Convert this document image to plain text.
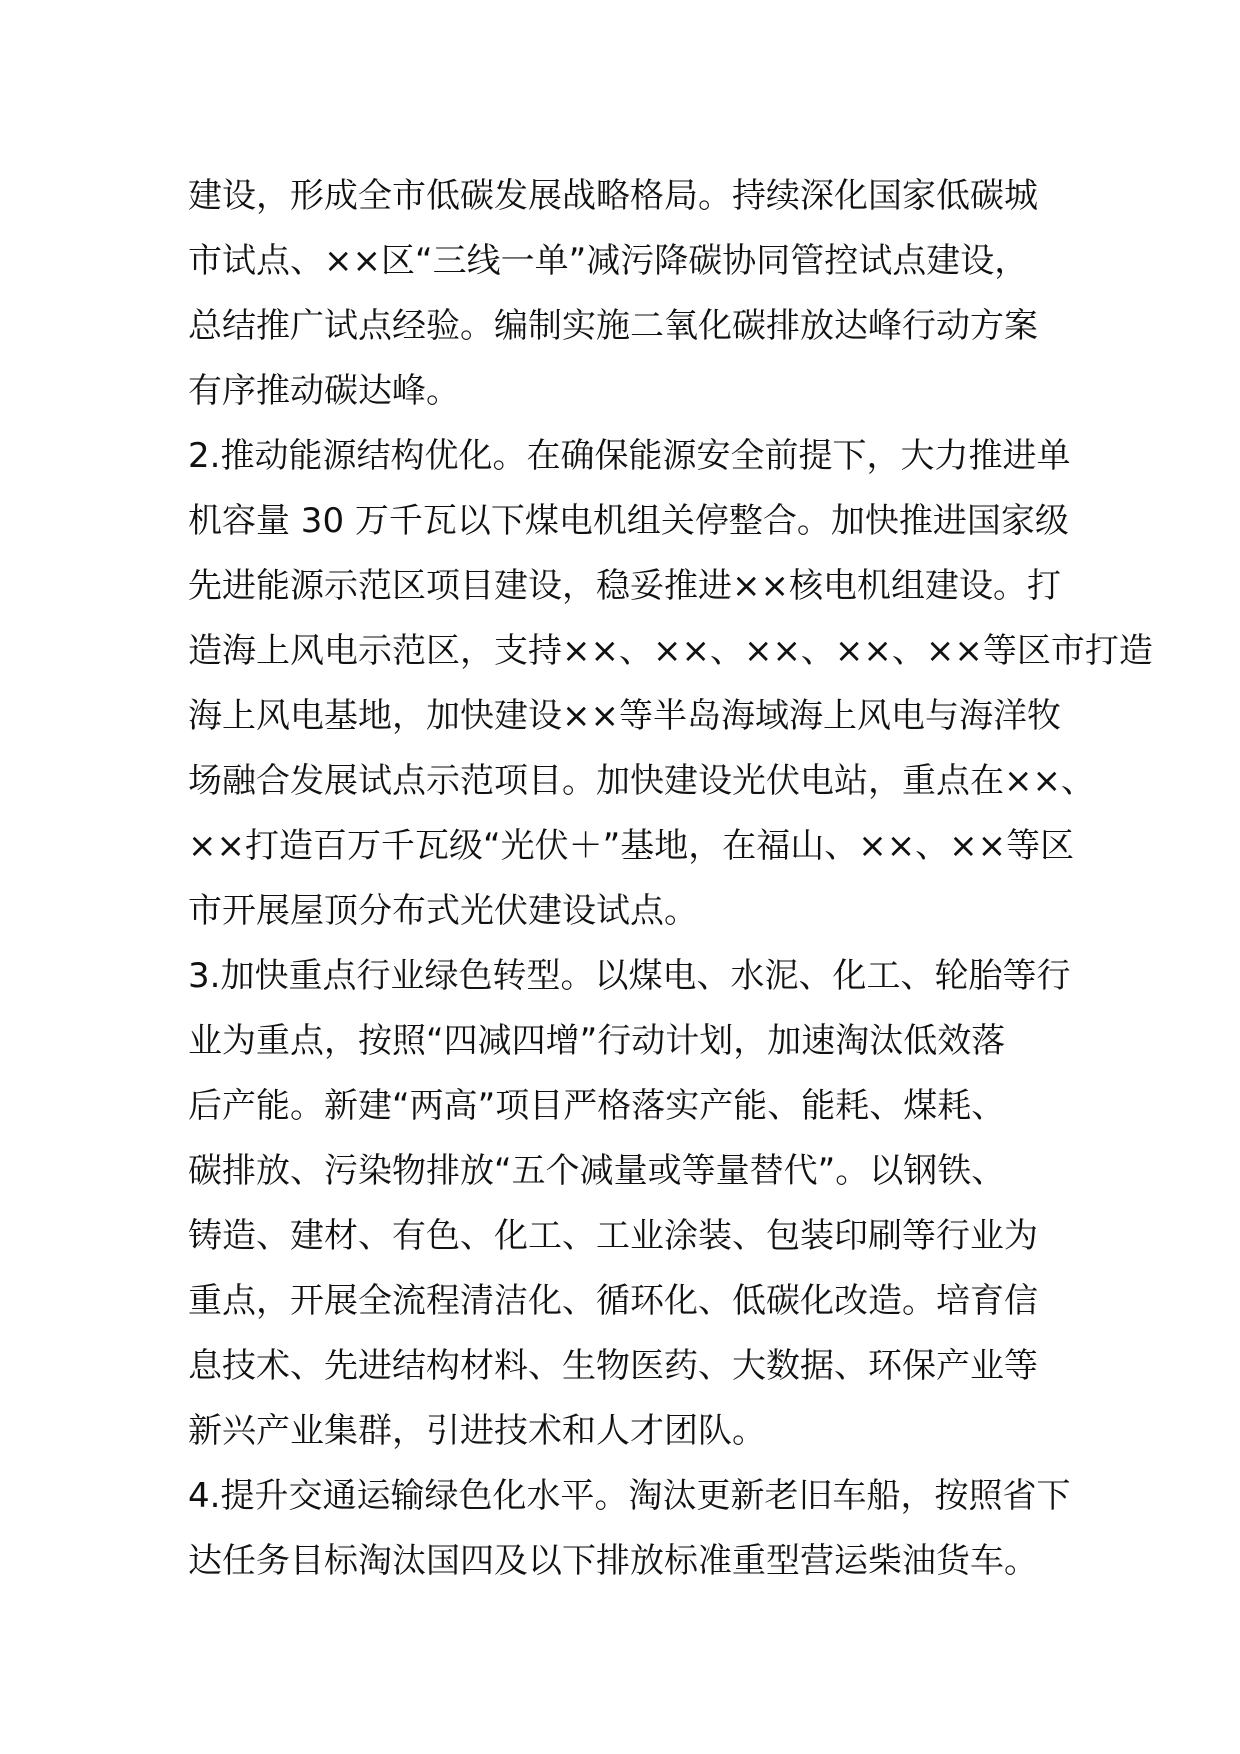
建设，形成全市低碳发展战略格局。持续深化国家低碳城
市试点、××区“三线一单”减污降碳协同管控试点建设，
总结推广试点经验。编制实施二氧化碳排放达峰行动方案
有序推动碳达峰。
2.推动能源结构优化。在确保能源安全前提下，大力推进单
机容量 30 万千瓦以下煤电机组关停整合。加快推进国家级
先进能源示范区项目建设，稳妥推进××核电机组建设。打
造海上风电示范区，支持××、××、××、××、××等区市打造
海上风电基地，加快建设××等半岛海域海上风电与海洋牧
场融合发展试点示范项目。加快建设光伏电站，重点在××、
××打造百万千瓦级“光伏＋”基地，在福山、××、××等区
市开展屋顶分布式光伏建设试点。
3.加快重点行业绿色转型。以煤电、水泥、化工、轮胎等行
业为重点，按照“四减四增”行动计划，加速淘汰低效落
后产能。新建“两高”项目严格落实产能、能耗、煤耗、
碳排放、污染物排放“五个减量或等量替代”。以钢铁、
铸造、建材、有色、化工、工业涂装、包装印刷等行业为
重点，开展全流程清洁化、循环化、低碳化改造。培育信
息技术、先进结构材料、生物医药、大数据、环保产业等
新兴产业集群，引进技术和人才团队。
4.提升交通运输绿色化水平。淘汰更新老旧车船，按照省下
达任务目标淘汰国四及以下排放标准重型营运柴油货车。
